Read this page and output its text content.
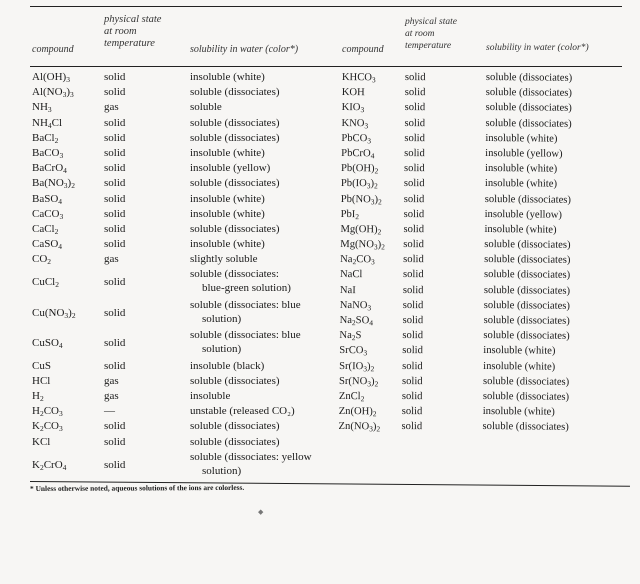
compound
physical state
at room
temperature
solubility in water (color*)	compound
physical state
at room
temperature	solubility in water (color*)
$Al(OH)_3$
$Al(NO_3)_3$
$NH_3$
$NH_4Cl$
BaCl$_2$
BaCO$_3$
BaCrO$_4$
$Ba(NO_3)_2$
BaSO$_4$
CaCO$_3$
CaCl$_2$
CaSO$_4$
$CO_2$
CuCl$_2$
$Cu(NO_3)_2$
CuSO$_4$
CuS
HCl
$H_2$
$H_2CO_3$
$K_2CO_3$
KCl
$K_2CrO_4$
solid
solid
gas
solid
solid
solid
solid
solid
solid
solid
solid
solid
gas
solid
solid
solid
solid
gas
gas
—
solid
solid
solid
insoluble (white)
soluble (dissociates)
soluble
soluble (dissociates)
soluble (dissociates)
insoluble (white)
insoluble (yellow)
soluble (dissociates)
insoluble (white)
insoluble (white)
soluble (dissociates)
insoluble (white)
slightly soluble
soluble (dissociates:
blue-green solution)
soluble (dissociates: blue
solution)
soluble (dissociates: blue
solution)
insoluble (black)
soluble (dissociates)
insoluble
unstable (released CO₂)
soluble (dissociates)
soluble (dissociates)
soluble (dissociates: yellow
solution)
$KHCO_3$
KOH
$KIO_3$
$KNO_3$
PbCO$_3$
PbCrO$_4$
$Pb(OH)_2$
$Pb(IO_3)_2$
$Pb(NO_3)_2$
PbI$_2$
$Mg(OH)_2$
$Mg(NO_3)_2$
$Na_2CO_3$
NaCl
NaI
NaNO$_3$
$Na_2SO_4$
$Na_2S$
SrCO$_3$
$Sr(IO_3)_2$
$Sr(NO_3)_2$
ZnCl$_2$
$Zn(OH)_2$
$Zn(NO_3)_2$
solid
solid
solid
solid
solid
solid
solid
solid
solid
solid
solid
solid
solid
solid
solid
solid
solid
solid
solid
solid
solid
solid
solid
solid
soluble (dissociates)
soluble (dissociates)
soluble (dissociates)
soluble (dissociates)
insoluble (white)
insoluble (yellow)
insoluble (white)
insoluble (white)
soluble (dissociates)
insoluble (yellow)
insoluble (white)
soluble (dissociates)
soluble (dissociates)
soluble (dissociates)
soluble (dissociates)
soluble (dissociates)
soluble (dissociates)
soluble (dissociates)
insoluble (white)
insoluble (white)
soluble (dissociates)
soluble (dissociates)
insoluble (white)
soluble (dissociates)
* Unless otherwise noted, aqueous solutions of the ions are colorless.
◆
